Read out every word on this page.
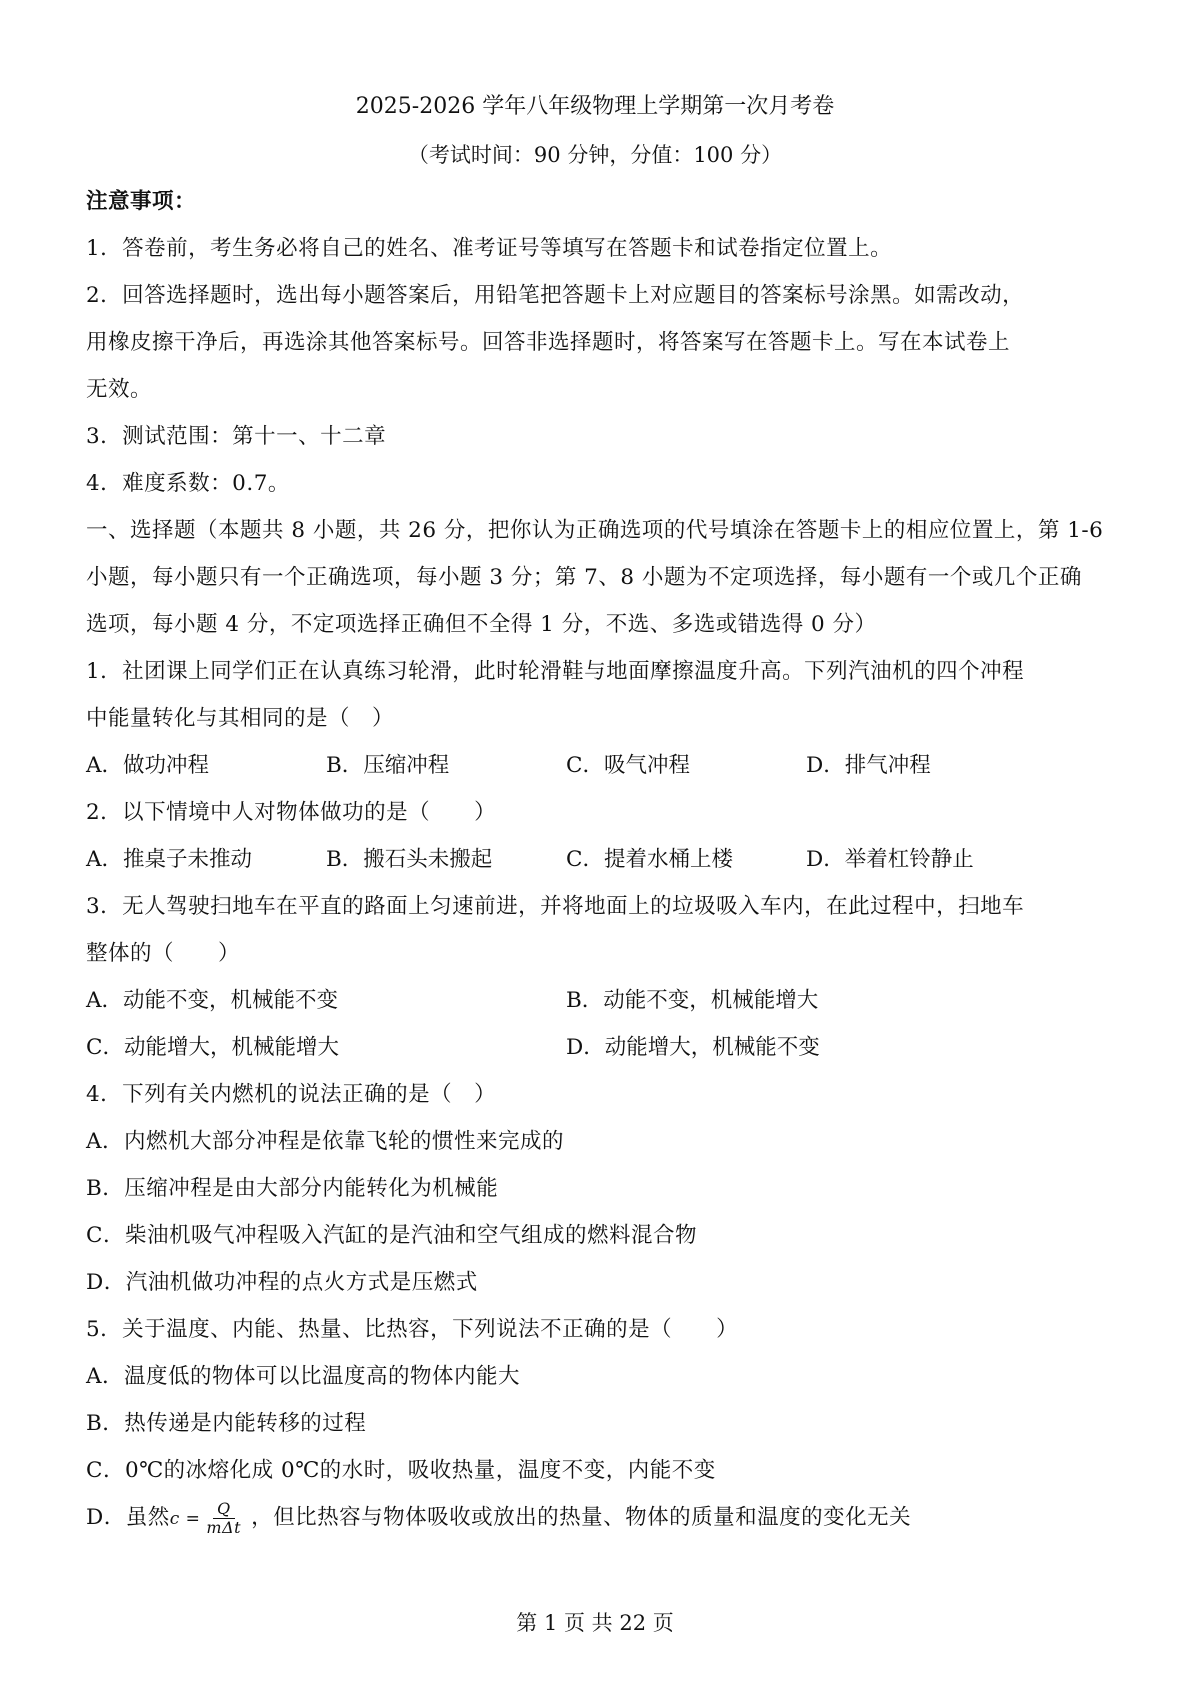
2025-2026 学年八年级物理上学期第一次月考卷
（考试时间：90 分钟，分值：100 分）
注意事项：
1．答卷前，考生务必将自己的姓名、准考证号等填写在答题卡和试卷指定位置上。
2．回答选择题时，选出每小题答案后，用铅笔把答题卡上对应题目的答案标号涂黑。如需改动，
用橡皮擦干净后，再选涂其他答案标号。回答非选择题时，将答案写在答题卡上。写在本试卷上
无效。
3．测试范围：第十一、十二章
4．难度系数：0.7。
一、选择题（本题共 8 小题，共 26 分，把你认为正确选项的代号填涂在答题卡上的相应位置上，第 1-6
小题，每小题只有一个正确选项，每小题 3 分；第 7、8 小题为不定项选择，每小题有一个或几个正确
选项，每小题 4 分，不定项选择正确但不全得 1 分，不选、多选或错选得 0 分）
1．社团课上同学们正在认真练习轮滑，此时轮滑鞋与地面摩擦温度升高。下列汽油机的四个冲程
中能量转化与其相同的是（　）
A．做功冲程	B．压缩冲程	C．吸气冲程	D．排气冲程
2．以下情境中人对物体做功的是（　　）
A．推桌子未推动	B．搬石头未搬起	C．提着水桶上楼	D．举着杠铃静止
3．无人驾驶扫地车在平直的路面上匀速前进，并将地面上的垃圾吸入车内，在此过程中，扫地车
整体的（　　）
A．动能不变，机械能不变	B．动能不变，机械能增大
C．动能增大，机械能增大	D．动能增大，机械能不变
4．下列有关内燃机的说法正确的是（　）
A．内燃机大部分冲程是依靠飞轮的惯性来完成的
B．压缩冲程是由大部分内能转化为机械能
C．柴油机吸气冲程吸入汽缸的是汽油和空气组成的燃料混合物
D．汽油机做功冲程的点火方式是压燃式
5．关于温度、内能、热量、比热容，下列说法不正确的是（　　）
A．温度低的物体可以比温度高的物体内能大
B．热传递是内能转移的过程
C．0℃的冰熔化成 0℃的水时，吸收热量，温度不变，内能不变
D．虽然$c = \frac{Q}{\text{mΔt}}$ ，但比热容与物体吸收或放出的热量、物体的质量和温度的变化无关
第 1 页 共 22 页
